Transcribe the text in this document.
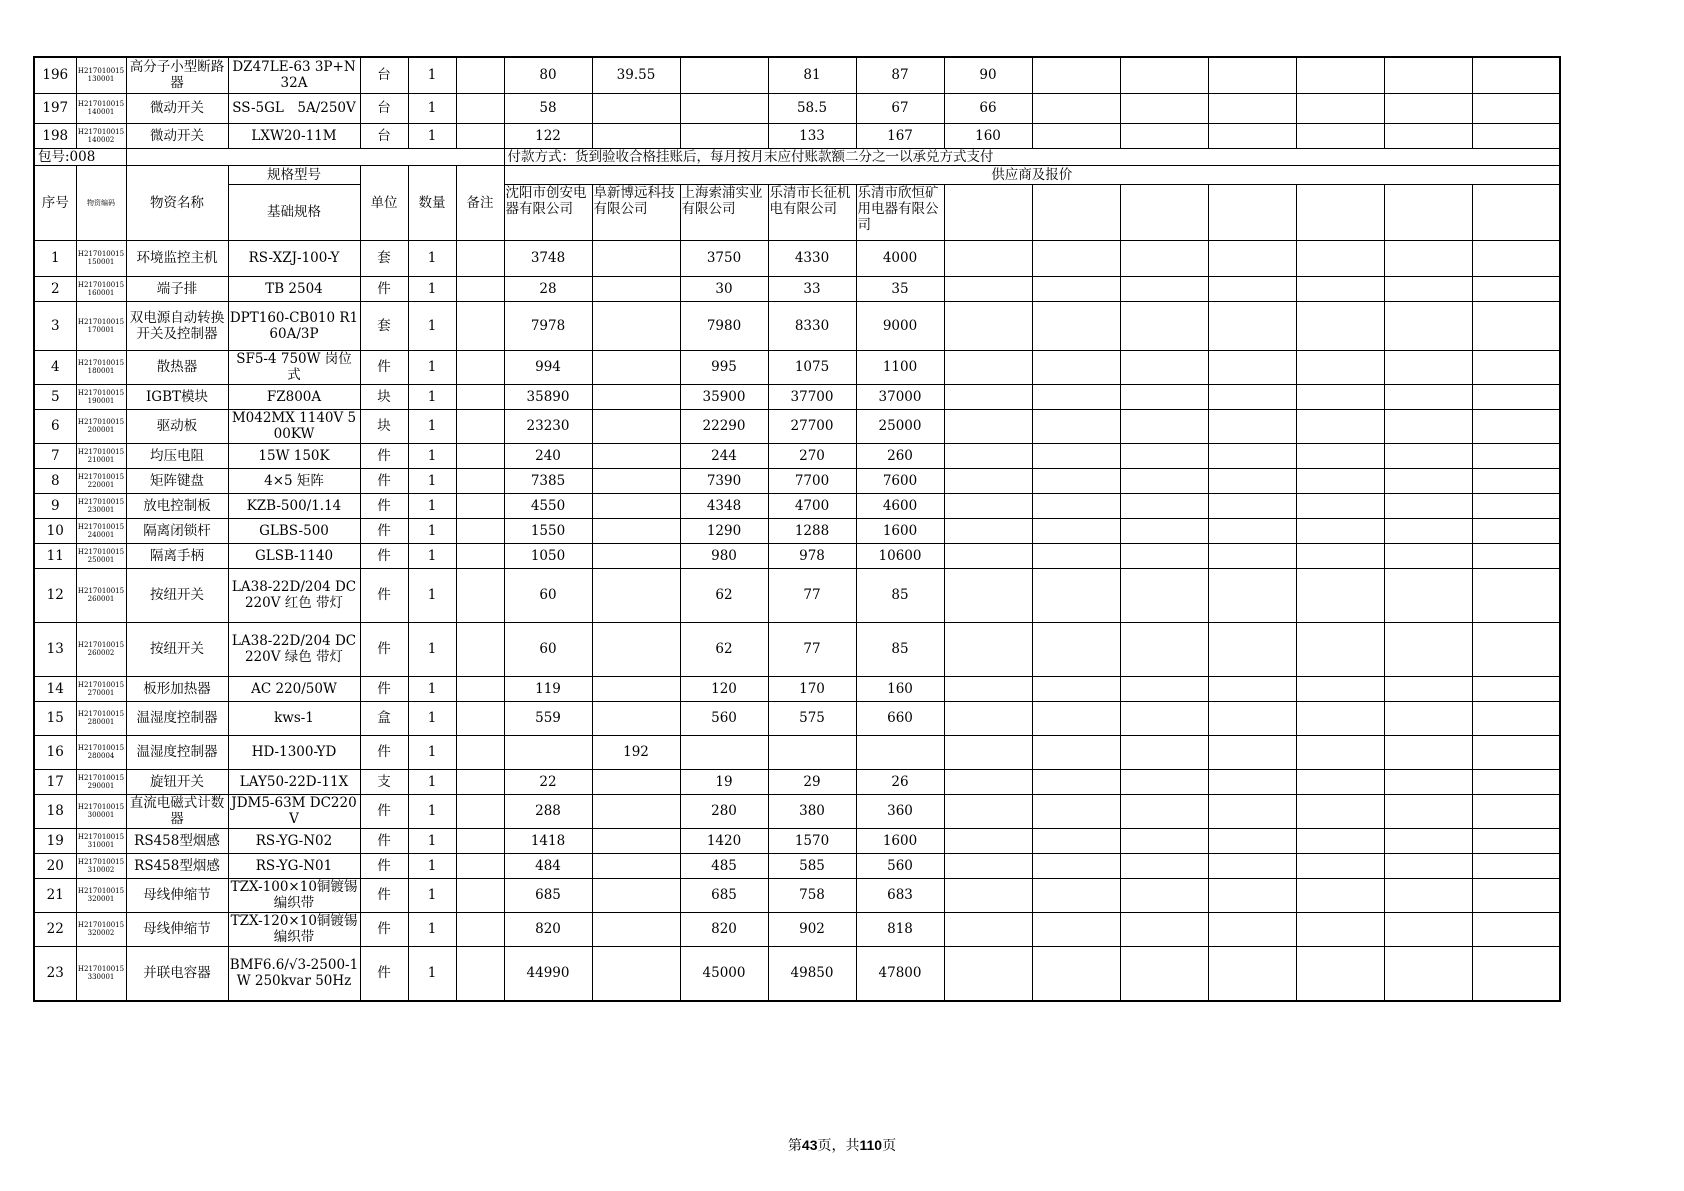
196	H217010015130001	高分子小型断路器	DZ47LE-63 3P+N32A	台	1		80	39.55		81	87	90						
197	H217010015140001	微动开关	SS-5GL　5A/250V	台	1		58			58.5	67	66						
198	H217010015140002	微动开关	LXW20-11M	台	1		122			133	167	160						
包号:008							付款方式：货到验收合格挂账后，每月按月末应付账款额二分之一以承兑方式支付											
序号	物资编码	物资名称	规格型号	单位	数量	备注	供应商及报价											
			基础规格				沈阳市创安电器有限公司	阜新博远科技有限公司	上海索浦实业有限公司	乐清市长征机电有限公司	乐清市欣恒矿用电器有限公司							
1	H217010015150001	环境监控主机	RS-XZJ-100-Y	套	1		3748		3750	4330	4000							
2	H217010015160001	端子排	TB 2504	件	1		28		30	33	35							
3	H217010015170001	双电源自动转换开关及控制器	DPT160-CB010 R160A/3P	套	1		7978		7980	8330	9000							
4	H217010015180001	散热器	SF5-4 750W 岗位式	件	1		994		995	1075	1100							
5	H217010015190001	IGBT模块	FZ800A	块	1		35890		35900	37700	37000							
6	H217010015200001	驱动板	M042MX 1140V 500KW	块	1		23230		22290	27700	25000							
7	H217010015210001	均压电阻	15W 150K	件	1		240		244	270	260							
8	H217010015220001	矩阵键盘	4×5 矩阵	件	1		7385		7390	7700	7600							
9	H217010015230001	放电控制板	KZB-500/1.14	件	1		4550		4348	4700	4600							
10	H217010015240001	隔离闭锁杆	GLBS-500	件	1		1550		1290	1288	1600							
11	H217010015250001	隔离手柄	GLSB-1140	件	1		1050		980	978	10600							
12	H217010015260001	按纽开关	LA38-22D/204 DC220V 红色 带灯	件	1		60		62	77	85							
13	H217010015260002	按纽开关	LA38-22D/204 DC220V 绿色 带灯	件	1		60		62	77	85							
14	H217010015270001	板形加热器	AC 220/50W	件	1		119		120	170	160							
15	H217010015280001	温湿度控制器	kws-1	盒	1		559		560	575	660							
16	H217010015280004	温湿度控制器	HD-1300-YD	件	1			192										
17	H217010015290001	旋钮开关	LAY50-22D-11X	支	1		22		19	29	26							
18	H217010015300001	直流电磁式计数器	JDM5-63M DC220V	件	1		288		280	380	360							
19	H217010015310001	RS458型烟感	RS-YG-N02	件	1		1418		1420	1570	1600							
20	H217010015310002	RS458型烟感	RS-YG-N01	件	1		484		485	585	560							
21	H217010015320001	母线伸缩节	TZX-100×10铜镀锡编织带	件	1		685		685	758	683							
22	H217010015320002	母线伸缩节	TZX-120×10铜镀锡编织带	件	1		820		820	902	818							
23	H217010015330001	并联电容器	BMF6.6/√3-2500-1W 250kvar 50Hz	件	1		44990		45000	49850	47800							
第43页，共110页
